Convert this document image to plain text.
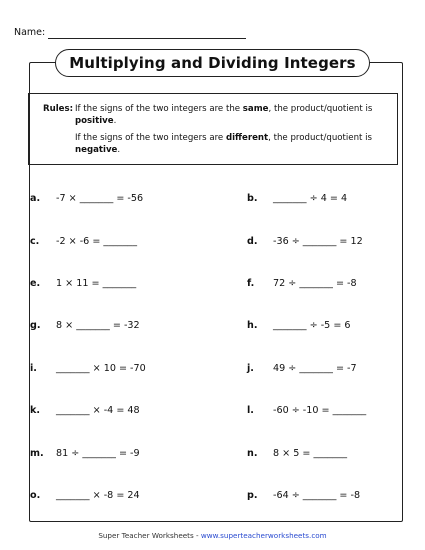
Name:
Multiplying and Dividing Integers
Rules: If the signs of the two integers are the same, the product/quotient is positive.
If the signs of the two integers are different, the product/quotient is negative.
a. -7 × _______ = -56	b. _______ ÷ 4 = 4
c. -2 × -6 = _______	d. -36 ÷ _______ = 12
e. 1 × 11 = _______	f. 72 ÷ _______ = -8
g. 8 × _______ = -32	h. _______ ÷ -5 = 6
i. _______ × 10 = -70	j. 49 ÷ _______ = -7
k. _______ × -4 = 48	l. -60 ÷ -10 = _______
m. 81 ÷ _______ = -9	n. 8 × 5 = _______
o. _______ × -8 = 24	p. -64 ÷ _______ = -8
Super Teacher Worksheets - www.superteacherworksheets.com
